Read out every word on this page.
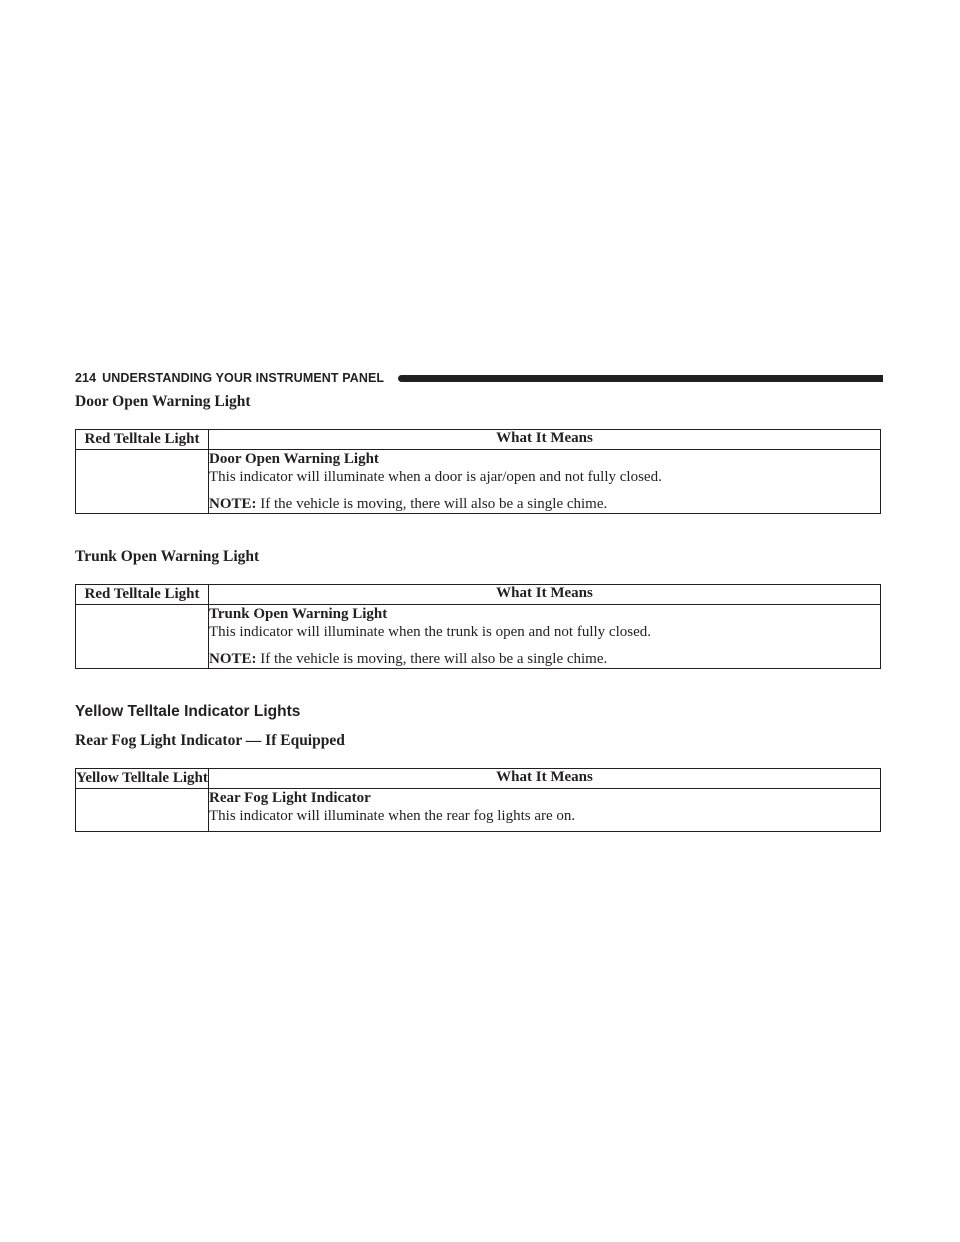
214 UNDERSTANDING YOUR INSTRUMENT PANEL
Door Open Warning Light
Red Telltale Light	What It Means

	Door Open Warning Light
This indicator will illuminate when a door is ajar/open and not fully closed.
NOTE: If the vehicle is moving, there will also be a single chime.
Trunk Open Warning Light
Red Telltale Light	What It Means

	Trunk Open Warning Light
This indicator will illuminate when the trunk is open and not fully closed.
NOTE: If the vehicle is moving, there will also be a single chime.
Yellow Telltale Indicator Lights
Rear Fog Light Indicator — If Equipped
Yellow Telltale Light	What It Means

	Rear Fog Light Indicator
This indicator will illuminate when the rear fog lights are on.
